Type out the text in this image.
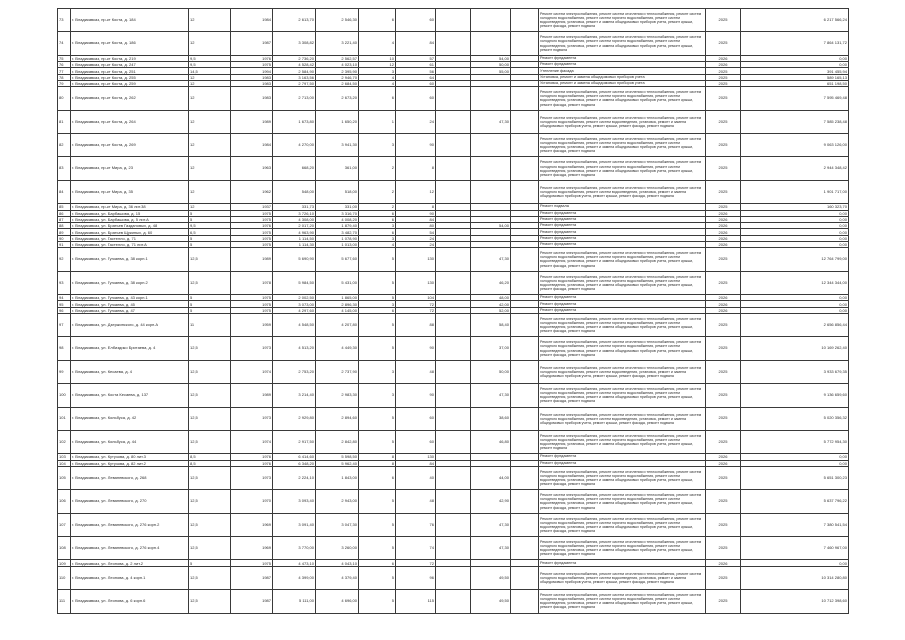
73	г. Владикавказ, пр-кт Коста, д. 184	12	1984	2 613,70	2 546,30	6	60				Ремонт систем электроснабжения, ремонт систем отопления и теплоснабжения, ремонт систем холодного водоснабжения, ремонт систем горячего водоснабжения, ремонт систем водоотведения, установка, ремонт и замена общедомовых приборов учета, ремонт крыши, ремонт фасада, ремонт подвала	2025	6 217 566,24

74	г. Владикавказ, пр-кт Коста, д. 186	12	1987	3 308,82	3 221,40	4	84				Ремонт систем электроснабжения, ремонт систем отопления и теплоснабжения, ремонт систем холодного водоснабжения, ремонт систем горячего водоснабжения, ремонт систем водоотведения, установка, ремонт и замена общедомовых приборов учета, ремонт крыши, ремонт подвала	2025	7 864 131,72

75	г. Владикавказ, пр-кт Коста, д. 219	9,5	1976	2 736,20	2 562,57	10	57		54,00		Ремонт фундамента	2026	0,00

76	г. Владикавказ, пр-кт Коста, д. 247	9,5	1975	4 528,42	4 023,10	12	61		50,00		Ремонт фундамента	2026	0,00

77	г. Владикавказ, пр-кт Коста, д. 251	14,5	1994	2 584,90	2 395,90	3	56		55,00		Утепление фасада	2025	391 455,94

78	г. Владикавказ, пр-кт Коста, д. 255	12	1983	3 163,56	2 946,70	4	64				Установка, ремонт и замена общедомовых приборов учета	2025	589 165,13

79	г. Владикавказ, пр-кт Коста, д. 259	12	1983	2 797,50	2 684,50	4	60				Установка, ремонт и замена общедомовых приборов учета	2025	651 198,50

80	г. Владикавказ, пр-кт Коста, д. 262	12	1983	2 713,00	2 673,20	6	60				Ремонт систем электроснабжения, ремонт систем отопления и теплоснабжения, ремонт систем холодного водоснабжения, ремонт систем горячего водоснабжения, ремонт систем водоотведения, установка, ремонт и замена общедомовых приборов учета, ремонт крыши, ремонт фасада, ремонт подвала	2025	7 595 469,48

81	г. Владикавказ, пр-кт Коста, д. 264	12	1989	1 673,80	1 650,20	1	24		47,30		Ремонт систем электроснабжения, ремонт систем отопления и теплоснабжения, ремонт систем холодного водоснабжения, ремонт систем водоотведения, установка, ремонт и замена общедомовых приборов учета, ремонт крыши, ремонт фасада, ремонт подвала	2025	7 585 238,48

82	г. Владикавказ, пр-кт Коста, д. 269	12	1984	4 270,00	3 941,30	3	90				Ремонт систем электроснабжения, ремонт систем отопления и теплоснабжения, ремонт систем холодного водоснабжения, ремонт систем горячего водоснабжения, ремонт систем водоотведения, установка, ремонт и замена общедомовых приборов учета, ремонт крыши, ремонт фасада, ремонт подвала	2025	9 063 126,00

83	г. Владикавказ, пр-кт Мира, д. 23	12	1963	668,20	361,00	2	8				Ремонт систем электроснабжения, ремонт систем отопления и теплоснабжения, ремонт систем холодного водоснабжения, ремонт систем горячего водоснабжения, ремонт систем водоотведения, установка, ремонт и замена общедомовых приборов учета, ремонт крыши, ремонт фасада, ремонт подвала	2025	2 944 348,42

84	г. Владикавказ, пр-кт Мира, д. 35	12	1962	548,00	518,00	2	12				Ремонт систем электроснабжения, ремонт систем отопления и теплоснабжения, ремонт систем холодного водоснабжения, ремонт систем водоотведения, установка, ремонт и замена общедомовых приборов учета, ремонт крыши, ремонт фасада, ремонт подвала	2025	1 901 717,00

85	г. Владикавказ, пр-кт Мира, д. 36 лит.38	12	1937	331,73	331,00	2	8				Ремонт подвала	2025	160 323,70

86	г. Владикавказ, ул. Барбашова, д. 15	5	1975	3 726,10	3 316,70	6	90				Ремонт фундамента	2026	0,00

87	г. Владикавказ, ул. Барбашова, д. 5 лит.А	5	1975	4 308,00	4 008,20	6	84				Ремонт фундамента	2026	0,00

88	г. Владикавказ, ул. Братьев Газдановых, д. 48	9,5	1976	2 017,20	1 879,40	3	80		54,00		Ремонт фундамента	2026	0,00

89	г. Владикавказ, ул. Братьев Щукиных, д. 60	6,5	1975	4 963,90	3 482,70	6	54				Ремонт фундамента	2026	0,00

90	г. Владикавказ, ул. Гастелло, д. 71	5	1975	1 114,50	1 078,90	3	24				Ремонт фундамента	2026	0,00

91	г. Владикавказ, ул. Гастелло, д. 71 лит.А	5	1975	1 114,30	1 013,00	4	24				Ремонт фундамента	2026	0,00

92	г. Владикавказ, ул. Гугкаева, д. 38 корп.1	12,5	1989	5 690,90	5 677,60	5	130		47,30		Ремонт систем электроснабжения, ремонт систем отопления и теплоснабжения, ремонт систем холодного водоснабжения, ремонт систем горячего водоснабжения, ремонт систем водоотведения, установка, ремонт и замена общедомовых приборов учета, ремонт крыши, ремонт фасада, ремонт подвала	2025	12 764 799,00

93	г. Владикавказ, ул. Гугкаева, д. 38 корп.2	12,5	1978	5 984,50	5 431,00	5	130		46,20		Ремонт систем электроснабжения, ремонт систем отопления и теплоснабжения, ремонт систем холодного водоснабжения, ремонт систем горячего водоснабжения, ремонт систем водоотведения, установка, ремонт и замена общедомовых приборов учета, ремонт крыши, ремонт фасада, ремонт подвала	2025	12 344 344,00

94	г. Владикавказ, ул. Гугкаева, д. 43 корп.1	5	1975	2 002,50	1 865,00	5	104		48,00		Ремонт фундамента	2026	0,00

95	г. Владикавказ, ул. Гугкаева, д. 45	5	1975	3 073,00	2 896,30	3	72		42,00		Ремонт фундамента	2026	0,00

96	г. Владикавказ, ул. Гугкаева, д. 47	5	1975	4 297,60	4 145,00	6	72		52,00		Ремонт фундамента	2026	0,00

97	г. Владикавказ, ул. Дзержинского, д. 44 корп.А	11	1959	4 548,50	4 207,80	5	88		58,40		Ремонт систем электроснабжения, ремонт систем отопления и теплоснабжения, ремонт систем холодного водоснабжения, ремонт систем горячего водоснабжения, ремонт систем водоотведения, установка, ремонт и замена общедомовых приборов учета, ремонт крыши, ремонт фасада, ремонт подвала	2025	2 656 856,44

98	г. Владикавказ, ул. Елбиздико Бритаева, д. 4	12,5	1973	4 513,20	4 449,30	5	90		37,00		Ремонт систем электроснабжения, ремонт систем отопления и теплоснабжения, ремонт систем холодного водоснабжения, ремонт систем горячего водоснабжения, ремонт систем водоотведения, установка, ремонт и замена общедомовых приборов учета, ремонт крыши, ремонт фасада, ремонт подвала	2025	10 169 262,40

99	г. Владикавказ, ул. Кесаева, д. 4	12,5	1974	2 753,20	2 737,90	3	48		50,00		Ремонт систем электроснабжения, ремонт систем отопления и теплоснабжения, ремонт систем холодного водоснабжения, ремонт систем водоотведения, установка, ремонт и замена общедомовых приборов учета, ремонт крыши, ремонт фасада, ремонт подвала	2025	3 933 679,35

100	г. Владикавказ, ул. Коста Кесаева, д. 137	12,5	1989	3 214,40	2 983,30	3	90		47,30		Ремонт систем электроснабжения, ремонт систем отопления и теплоснабжения, ремонт систем холодного водоснабжения, ремонт систем горячего водоснабжения, ремонт систем водоотведения, установка, ремонт и замена общедомовых приборов учета, ремонт крыши, ремонт фасада, ремонт подвала	2025	9 136 659,60

101	г. Владикавказ, ул. Кольбуса, д. 42	12,5	1973	2 929,80	2 894,60	5	60		38,60		Ремонт систем электроснабжения, ремонт систем отопления и теплоснабжения, ремонт систем холодного водоснабжения, ремонт систем водоотведения, установка, ремонт и замена общедомовых приборов учета, ремонт крыши, ремонт фасада, ремонт подвала	2025	5 020 356,32

102	г. Владикавказ, ул. Кольбуса, д. 44	12,5	1974	2 917,50	2 842,80	5	60		46,80		Ремонт систем электроснабжения, ремонт систем отопления и теплоснабжения, ремонт систем холодного водоснабжения, ремонт систем горячего водоснабжения, ремонт систем водоотведения, установка, ремонт и замена общедомовых приборов учета, ремонт крыши, ремонт подвала	2025	5 772 954,30

103	г. Владикавказ, ул. Кутузова, д. 80 лит.3	8,5	1976	6 414,60	5 598,50	8	130				Ремонт фундамента	2026	0,00

104	г. Владикавказ, ул. Кутузова, д. 82 лит.2	8,5	1976	6 348,20	5 962,40	8	84				Ремонт фундамента	2026	0,00

105	г. Владикавказ, ул. Леваневского, д. 268	12,5	1973	2 224,10	1 843,00	6	40		44,00		Ремонт систем электроснабжения, ремонт систем отопления и теплоснабжения, ремонт систем холодного водоснабжения, ремонт систем горячего водоснабжения, ремонт систем водоотведения, установка, ремонт и замена общедомовых приборов учета, ремонт крыши, ремонт фасада, ремонт подвала	2025	5 651 300,23

106	г. Владикавказ, ул. Леваневского, д. 270	12,5	1970	3 093,40	2 943,00	5	48		42,90		Ремонт систем электроснабжения, ремонт систем отопления и теплоснабжения, ремонт систем холодного водоснабжения, ремонт систем горячего водоснабжения, ремонт систем водоотведения, установка, ремонт и замена общедомовых приборов учета, ремонт крыши, ремонт фасада, ремонт подвала	2025	5 637 796,22

107	г. Владикавказ, ул. Леваневского, д. 276 корп.2	12,5	1969	3 091,40	3 047,30	5	76		47,30		Ремонт систем электроснабжения, ремонт систем отопления и теплоснабжения, ремонт систем холодного водоснабжения, ремонт систем горячего водоснабжения, ремонт систем водоотведения, установка, ремонт и замена общедомовых приборов учета, ремонт крыши, ремонт фасада, ремонт подвала	2025	7 380 541,54

108	г. Владикавказ, ул. Леваневского, д. 276 корп.4	12,5	1969	3 770,00	3 260,00	5	74		47,30		Ремонт систем электроснабжения, ремонт систем отопления и теплоснабжения, ремонт систем холодного водоснабжения, ремонт систем горячего водоснабжения, ремонт систем водоотведения, установка, ремонт и замена общедомовых приборов учета, ремонт крыши, ремонт фасада, ремонт подвала	2025	7 460 967,00

109	г. Владикавказ, ул. Леонова, д. 2 лит.2	5	1975	4 473,10	4 043,10	6	72				Ремонт фундамента	2026	0,00

110	г. Владикавказ, ул. Леонова, д. 4 корп.1	12,5	1987	4 399,00	4 379,40	5	96		49,50		Ремонт систем электроснабжения, ремонт систем отопления и теплоснабжения, ремонт систем холодного водоснабжения, ремонт систем водоотведения, установка, ремонт и замена общедомовых приборов учета, ремонт крыши, ремонт фасада, ремонт подвала	2025	10 314 280,80

111	г. Владикавказ, ул. Леонова, д. 6 корп.6	12,5	1987	5 111,00	4 696,00	5	115		49,50		Ремонт систем электроснабжения, ремонт систем отопления и теплоснабжения, ремонт систем холодного водоснабжения, ремонт систем горячего водоснабжения, ремонт систем водоотведения, установка, ремонт и замена общедомовых приборов учета, ремонт крыши, ремонт фасада, ремонт подвала	2025	10 712 398,60
